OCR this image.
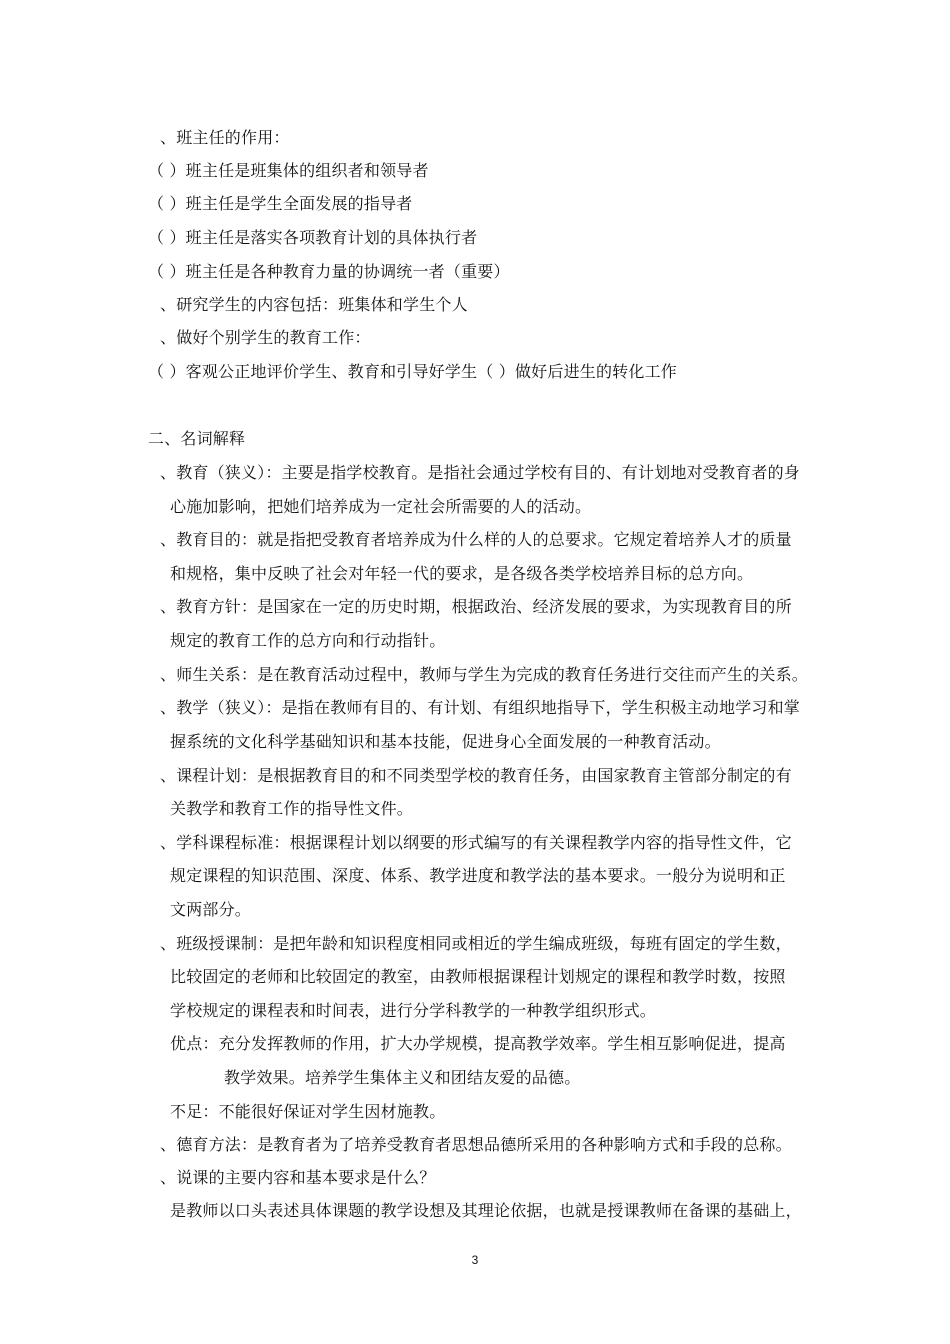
、班主任的作用：
（ ）班主任是班集体的组织者和领导者
（ ）班主任是学生全面发展的指导者
（ ）班主任是落实各项教育计划的具体执行者
（ ）班主任是各种教育力量的协调统一者（重要）
、研究学生的内容包括：班集体和学生个人
、做好个别学生的教育工作：
（ ）客观公正地评价学生、教育和引导好学生（ ）做好后进生的转化工作
二、名词解释
、教育（狭义）：主要是指学校教育。是指社会通过学校有目的、有计划地对受教育者的身
心施加影响，把她们培养成为一定社会所需要的人的活动。
、教育目的：就是指把受教育者培养成为什么样的人的总要求。它规定着培养人才的质量
和规格，集中反映了社会对年轻一代的要求，是各级各类学校培养目标的总方向。
、教育方针：是国家在一定的历史时期，根据政治、经济发展的要求，为实现教育目的所
规定的教育工作的总方向和行动指针。
、师生关系：是在教育活动过程中，教师与学生为完成的教育任务进行交往而产生的关系。
、教学（狭义）：是指在教师有目的、有计划、有组织地指导下，学生积极主动地学习和掌
握系统的文化科学基础知识和基本技能，促进身心全面发展的一种教育活动。
、课程计划：是根据教育目的和不同类型学校的教育任务，由国家教育主管部分制定的有
关教学和教育工作的指导性文件。
、学科课程标准：根据课程计划以纲要的形式编写的有关课程教学内容的指导性文件，它
规定课程的知识范围、深度、体系、教学进度和教学法的基本要求。一般分为说明和正
文两部分。
、班级授课制：是把年龄和知识程度相同或相近的学生编成班级，每班有固定的学生数，
比较固定的老师和比较固定的教室，由教师根据课程计划规定的课程和教学时数，按照
学校规定的课程表和时间表，进行分学科教学的一种教学组织形式。
优点：充分发挥教师的作用，扩大办学规模，提高教学效率。学生相互影响促进，提高
教学效果。培养学生集体主义和团结友爱的品德。
不足：不能很好保证对学生因材施教。
、德育方法：是教育者为了培养受教育者思想品德所采用的各种影响方式和手段的总称。
、说课的主要内容和基本要求是什么？
是教师以口头表述具体课题的教学设想及其理论依据，也就是授课教师在备课的基础上，
3
